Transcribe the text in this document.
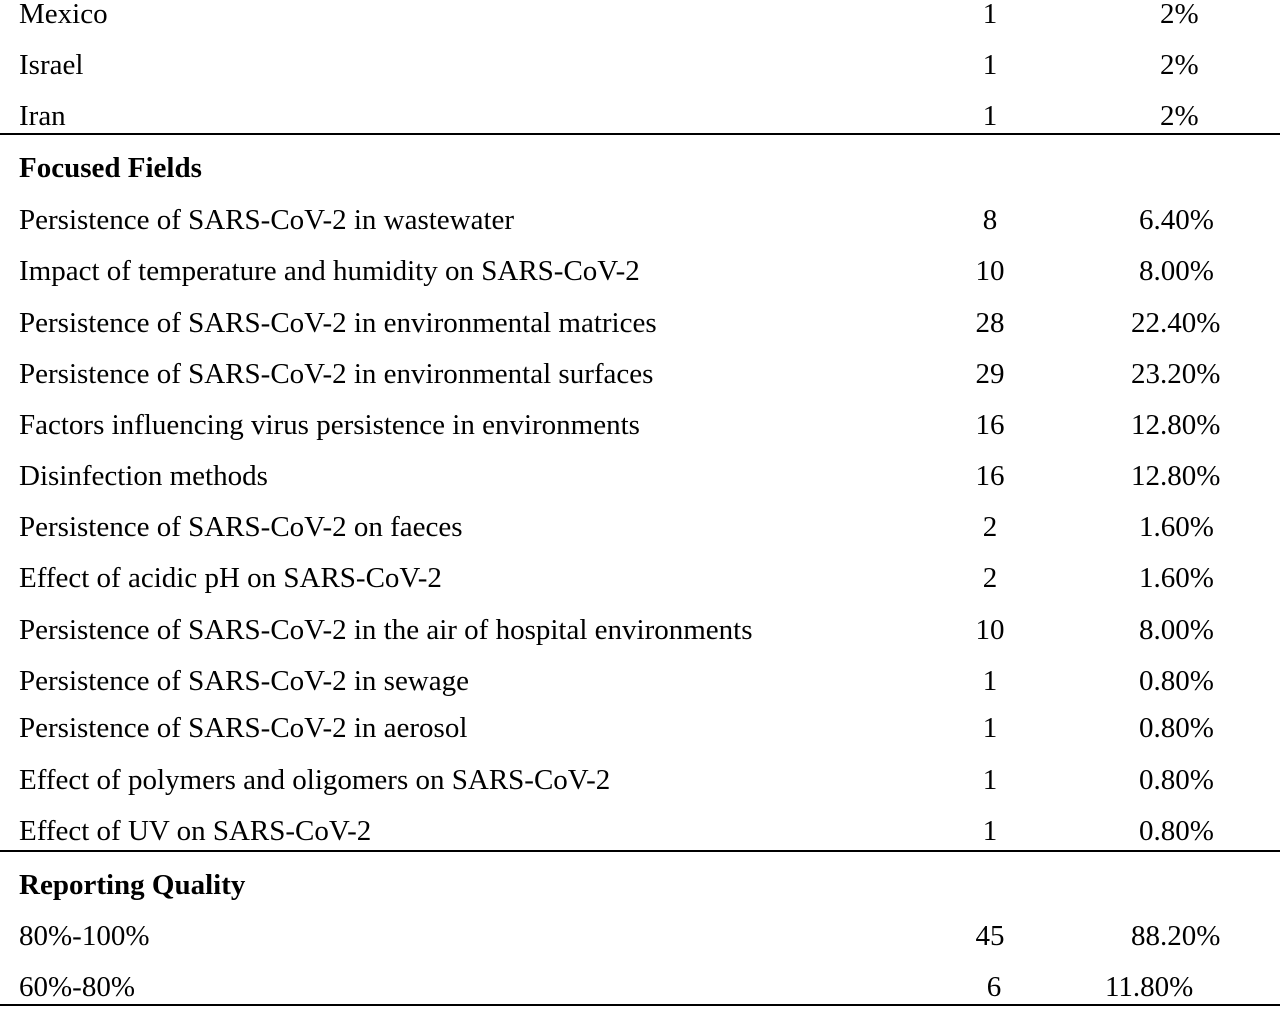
Mexico	1	2%
Israel	1	2%
Iran	1	2%
Focused Fields
Persistence of SARS-CoV-2 in wastewater	8	6.40%
Impact of temperature and humidity on SARS-CoV-2	10	8.00%
Persistence of SARS-CoV-2 in environmental matrices	28	22.40%
Persistence of SARS-CoV-2 in environmental surfaces	29	23.20%
Factors influencing virus persistence in environments	16	12.80%
Disinfection methods	16	12.80%
Persistence of SARS-CoV-2 on faeces	2	1.60%
Effect of acidic pH on SARS-CoV-2	2	1.60%
Persistence of SARS-CoV-2 in the air of hospital environments	10	8.00%
Persistence of SARS-CoV-2 in sewage	1	0.80%
Persistence of SARS-CoV-2 in aerosol	1	0.80%
Effect of polymers and oligomers on SARS-CoV-2	1	0.80%
Effect of UV on SARS-CoV-2	1	0.80%
Reporting Quality
80%-100%	45	88.20%
60%-80%	6	11.80%
